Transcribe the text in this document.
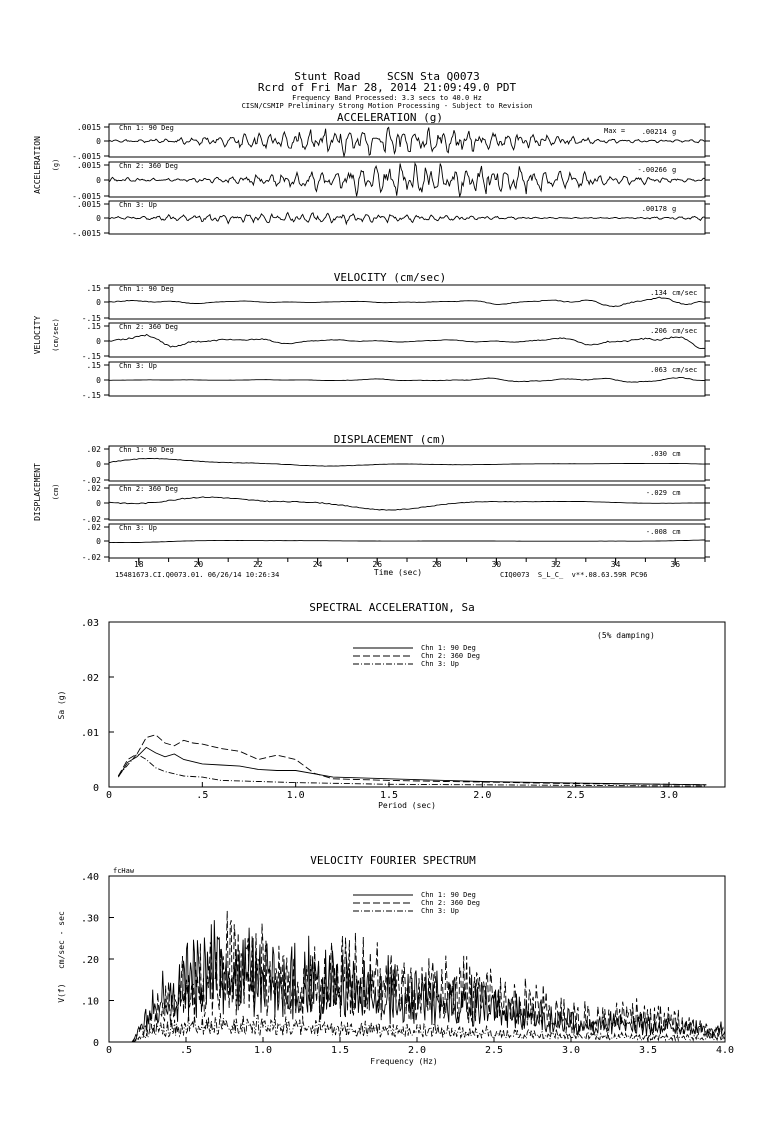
Stunt Road    SCSN Sta Q0073
Rcrd of Fri Mar 28, 2014 21:09:49.0 PDT
Frequency Band Processed: 3.3 secs to 40.0 Hz
CISN/CSMIP Preliminary Strong Motion Processing - Subject to Revision
ACCELERATION (g)
ACCELERATION (g)
Max =
VELOCITY (cm/sec)
VELOCITY (cm/sec)
DISPLACEMENT (cm)
DISPLACEMENT (cm)
Time (sec)
15481673.CI.Q0073.01. 06/26/14 10:26:34	CIQ0073  S_L_C_  v**.08.63.59R PC96
SPECTRAL ACCELERATION, Sa
(5% damping)
Sa (g)
Period (sec)
Chn 1: 90 Deg
Chn 2: 360 Deg
Chn 3: Up
VELOCITY FOURIER SPECTRUM
fcHaw
V(f)   cm/sec - sec
Frequency (Hz)
Chn 1: 90 Deg
Chn 2: 360 Deg
Chn 3: Up
.0015
0
-.0015
Chn 1: 90 Deg	.00214 g
.0015
0
-.0015
Chn 2: 360 Deg	-.00266 g
.0015
0
-.0015
Chn 3: Up	.00178 g
.15
0
-.15
Chn 1: 90 Deg	.134 cm/sec
.15
0
-.15
Chn 2: 360 Deg	.206 cm/sec
.15
0
-.15
Chn 3: Up	.063 cm/sec
.02
0
-.02
Chn 1: 90 Deg	.030 cm
.02
0
-.02
Chn 2: 360 Deg	-.029 cm
.02
0
-.02
Chn 3: Up	-.008 cm
18	20	22	24	26	28	30	32	34	36
0	.5	1.0	1.5	2.0	2.5	3.0
0
.01
.02
.03
0	.5	1.0	1.5	2.0	2.5	3.0	3.5	4.0
0
.10
.20
.30
.40
